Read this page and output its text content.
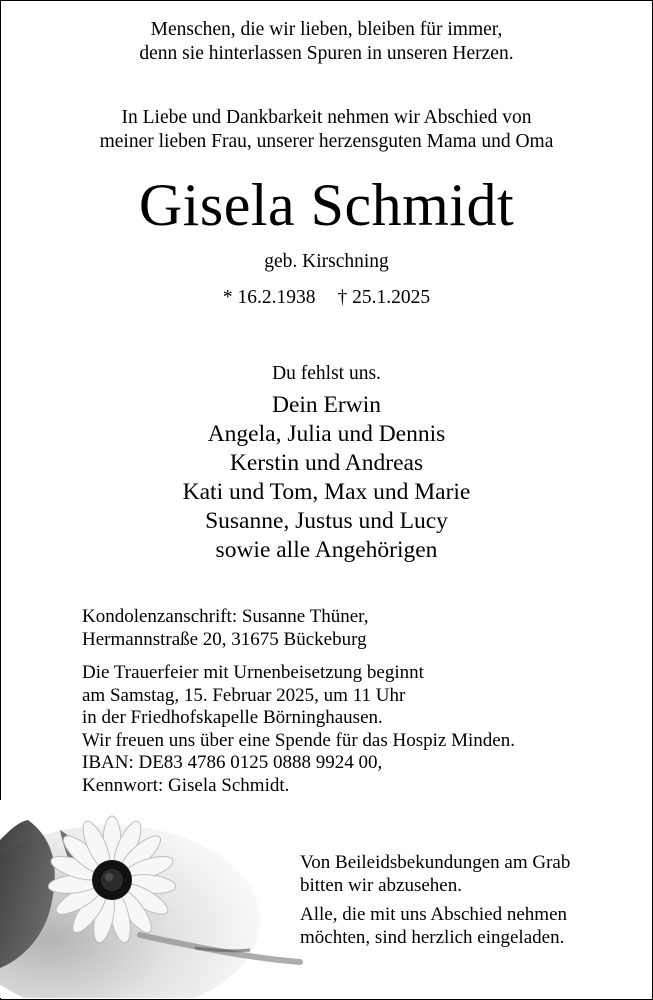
Menschen, die wir lieben, bleiben für immer,
denn sie hinterlassen Spuren in unseren Herzen.
In Liebe und Dankbarkeit nehmen wir Abschied von
meiner lieben Frau, unserer herzensguten Mama und Oma
Gisela Schmidt
geb. Kirschning
* 16.2.1938 † 25.1.2025
Du fehlst uns.
Dein Erwin
Angela, Julia und Dennis
Kerstin und Andreas
Kati und Tom, Max und Marie
Susanne, Justus und Lucy
sowie alle Angehörigen
Kondolenzanschrift: Susanne Thüner,
Hermannstraße 20, 31675 Bückeburg
Die Trauerfeier mit Urnenbeisetzung beginnt
am Samstag, 15. Februar 2025, um 11 Uhr
in der Friedhofskapelle Börninghausen.
Wir freuen uns über eine Spende für das Hospiz Minden.
IBAN: DE83 4786 0125 0888 9924 00,
Kennwort: Gisela Schmidt.
Von Beileidsbekundungen am Grab
bitten wir abzusehen.
Alle, die mit uns Abschied nehmen
möchten, sind herzlich eingeladen.
